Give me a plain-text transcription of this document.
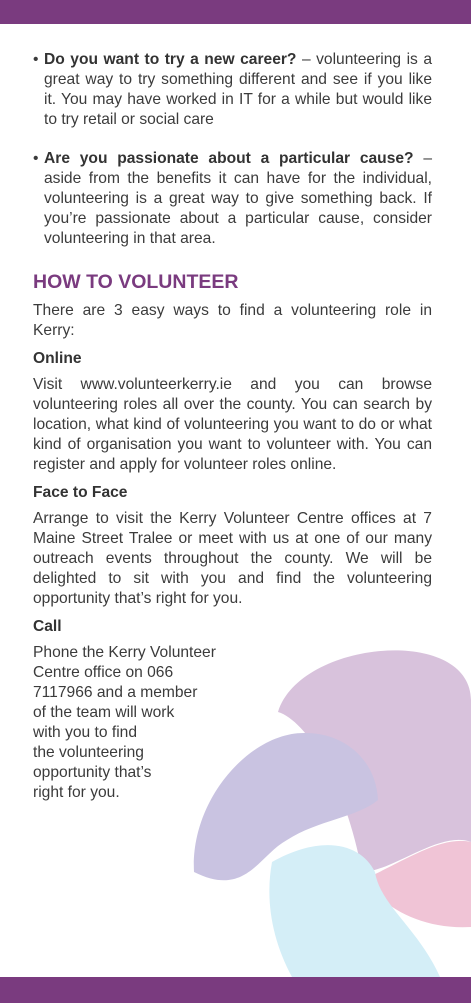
• Do you want to try a new career? – volunteering is a great way to try something different and see if you like it. You may have worked in IT for a while but would like to try retail or social care
• Are you passionate about a particular cause? – aside from the benefits it can have for the individual, volunteering is a great way to give something back. If you’re passionate about a particular cause, consider volunteering in that area.
HOW TO VOLUNTEER

There are 3 easy ways to find a volunteering role in Kerry:

Online

Visit www.volunteerkerry.ie and you can browse volunteering roles all over the county. You can search by location, what kind of volunteering you want to do or what kind of organisation you want to volunteer with. You can register and apply for volunteer roles online.

Face to Face

Arrange to visit the Kerry Volunteer Centre offices at 7 Maine Street Tralee or meet with us at one of our many outreach events throughout the county. We will be delighted to sit with you and find the volunteering opportunity that’s right for you.

Call

Phone the Kerry Volunteer

Centre office on 066

7117966 and a member

of the team will work

with you to find

the volunteering

opportunity that’s

right for you.
